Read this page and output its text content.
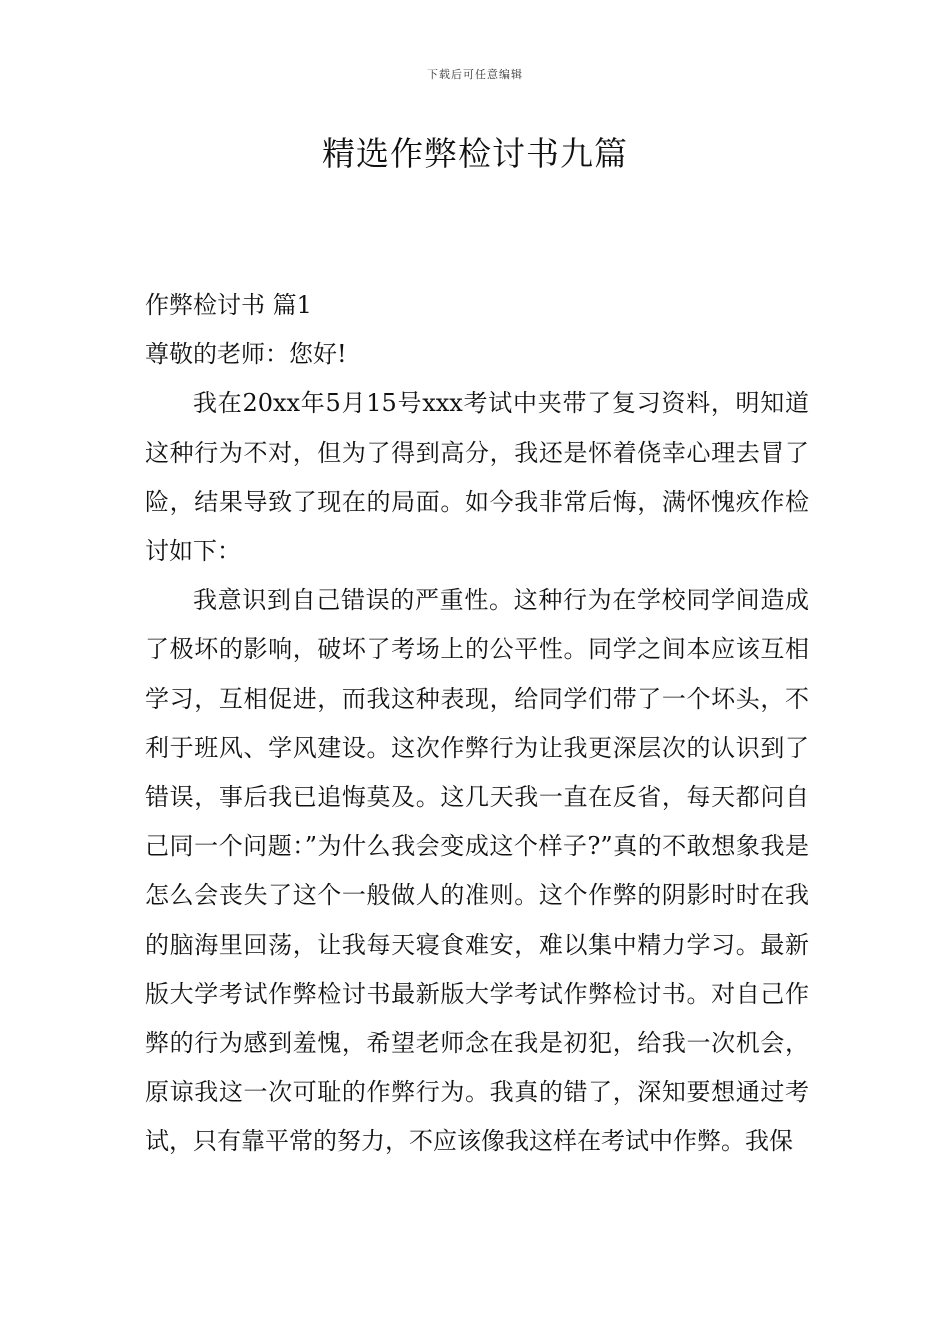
下载后可任意编辑
精选作弊检讨书九篇
作弊检讨书 篇1
尊敬的老师：您好!

我在20xx年5月15号xxx考试中夹带了复习资料，明知道这种行为不对，但为了得到高分，我还是怀着侥幸心理去冒了险，结果导致了现在的局面。如今我非常后悔，满怀愧疚作检讨如下：

我意识到自己错误的严重性。这种行为在学校同学间造成了极坏的影响，破坏了考场上的公平性。同学之间本应该互相学习，互相促进，而我这种表现，给同学们带了一个坏头，不利于班风、学风建设。这次作弊行为让我更深层次的认识到了错误，事后我已追悔莫及。这几天我一直在反省，每天都问自己同一个问题：”为什么我会变成这个样子?”真的不敢想象我是怎么会丧失了这个一般做人的准则。这个作弊的阴影时时在我的脑海里回荡，让我每天寝食难安，难以集中精力学习。最新版大学考试作弊检讨书最新版大学考试作弊检讨书。对自己作弊的行为感到羞愧，希望老师念在我是初犯，给我一次机会，原谅我这一次可耻的作弊行为。我真的错了，深知要想通过考试，只有靠平常的努力，不应该像我这样在考试中作弊。我保
